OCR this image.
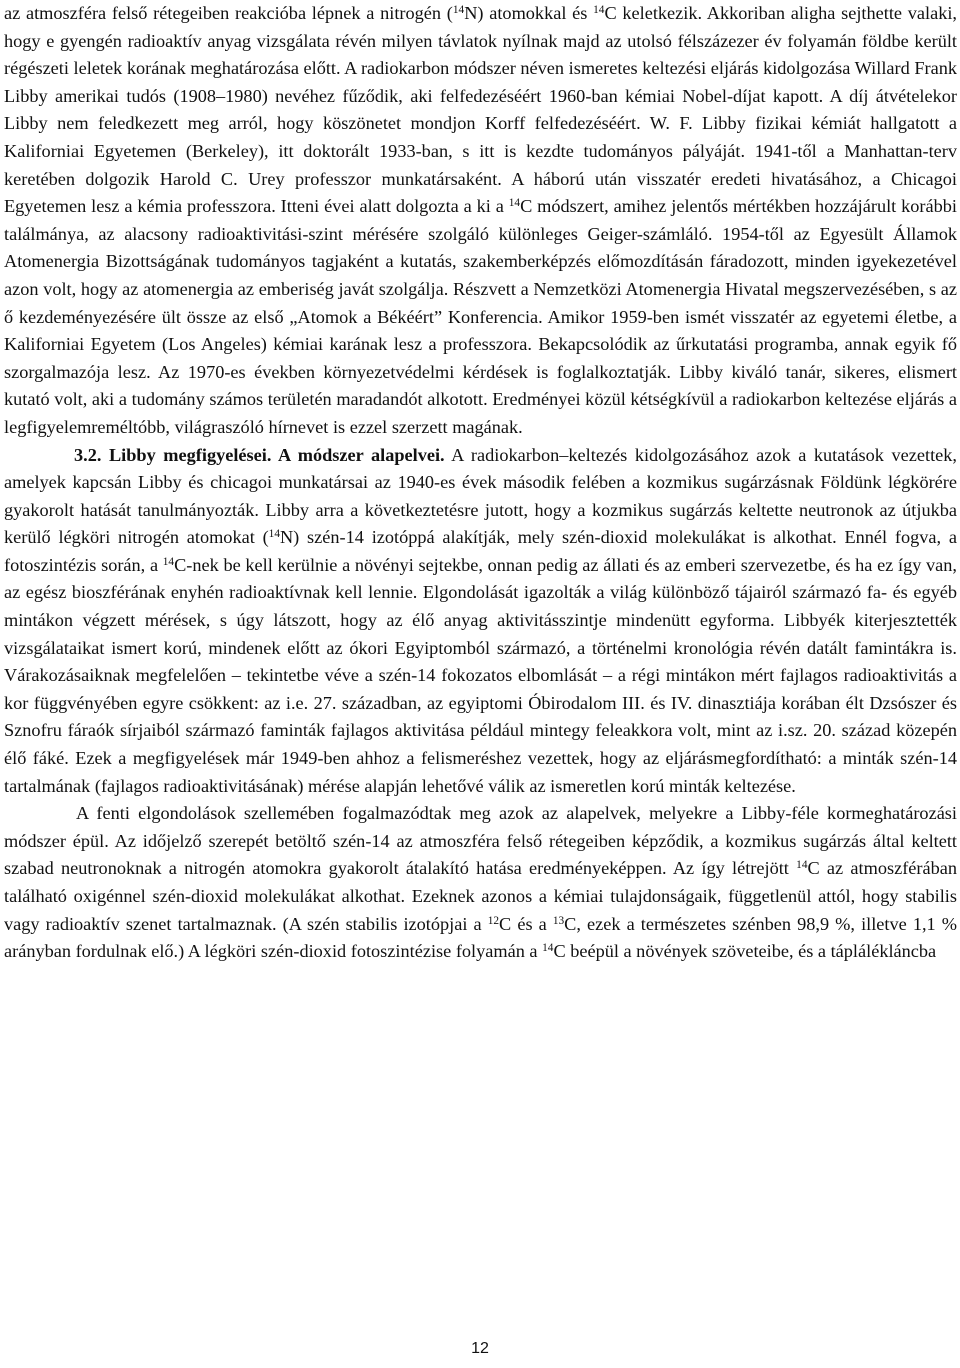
az atmoszféra felső rétegeiben reakcióba lépnek a nitrogén ($^{14}$N) atomokkal és $^{14}$C keletkezik. Akkoriban aligha sejthette valaki, hogy e gyengén radioaktív anyag vizsgálata révén milyen távlatok nyílnak majd az utolsó félszázezer év folyamán földbe került régészeti leletek korának meghatározása előtt. A radiokarbon módszer néven ismeretes keltezési eljárás kidolgozása Willard Frank Libby amerikai tudós (1908–1980) nevéhez fűződik, aki felfedezéséért 1960-ban kémiai Nobel-díjat kapott. A díj átvételekor Libby nem feledkezett meg arról, hogy köszönetet mondjon Korff felfedezéséért. W. F. Libby fizikai kémiát hallgatott a Kaliforniai Egyetemen (Berkeley), itt doktorált 1933-ban, s itt is kezdte tudományos pályáját. 1941-től a Manhattan-terv keretében dolgozik Harold C. Urey professzor munkatársaként. A háború után visszatér eredeti hivatásához, a Chicagoi Egyetemen lesz a kémia professzora. Itteni évei alatt dolgozta a ki a $^{14}$C módszert, amihez jelentős mértékben hozzájárult korábbi találmánya, az alacsony radioaktivitási-szint mérésére szolgáló különleges Geiger-számláló. 1954-től az Egyesült Államok Atomenergia Bizottságának tudományos tagjaként a kutatás, szakemberképzés előmozdításán fáradozott, minden igyekezetével azon volt, hogy az atomenergia az emberiség javát szolgálja. Részvett a Nemzetközi Atomenergia Hivatal megszervezésében, s az ő kezdeményezésére ült össze az első „Atomok a Békéért” Konferencia. Amikor 1959-ben ismét visszatér az egyetemi életbe, a Kaliforniai Egyetem (Los Angeles) kémiai karának lesz a professzora. Bekapcsolódik az űrkutatási programba, annak egyik fő szorgalmazója lesz. Az 1970-es években környezetvédelmi kérdések is foglalkoztatják. Libby kiváló tanár, sikeres, elismert kutató volt, aki a tudomány számos területén maradandót alkotott. Eredményei közül kétségkívül a radiokarbon keltezése eljárás a legfigyelemreméltóbb, világraszóló hírnevet is ezzel szerzett magának.

3.2. Libby megfigyelései. A módszer alapelvei. A radiokarbon–keltezés kidolgozásához azok a kutatások vezettek, amelyek kapcsán Libby és chicagoi munkatársai az 1940-es évek második felében a kozmikus sugárzásnak Földünk légkörére gyakorolt hatását tanulmányozták. Libby arra a következtetésre jutott, hogy a kozmikus sugárzás keltette neutronok az útjukba kerülő légköri nitrogén atomokat ($^{14}$N) szén-14 izotóppá alakítják, mely szén-dioxid molekulákat is alkothat. Ennél fogva, a fotoszintézis során, a $^{14}$C-nek be kell kerülnie a növényi sejtekbe, onnan pedig az állati és az emberi szervezetbe, és ha ez így van, az egész bioszférának enyhén radioaktívnak kell lennie. Elgondolását igazolták a világ különböző tájairól származó fa- és egyéb mintákon végzett mérések, s úgy látszott, hogy az élő anyag aktivitásszintje mindenütt egyforma. Libbyék kiterjesztették vizsgálataikat ismert korú, mindenek előtt az ókori Egyiptomból származó, a történelmi kronológia révén datált famintákra is. Várakozásaiknak megfelelően – tekintetbe véve a szén-14 fokozatos elbomlását – a régi mintákon mért fajlagos radioaktivitás a kor függvényében egyre csökkent: az i.e. 27. században, az egyiptomi Óbirodalom III. és IV. dinasztiája korában élt Dzsószer és Sznofru fáraók sírjaiból származó faminták fajlagos aktivitása például mintegy feleakkora volt, mint az i.sz. 20. század közepén élő fáké. Ezek a megfigyelések már 1949-ben ahhoz a felismeréshez vezettek, hogy az eljárásmegfordítható: a minták szén-14 tartalmának (fajlagos radioaktivitásának) mérése alapján lehetővé válik az ismeretlen korú minták keltezése.

A fenti elgondolások szellemében fogalmazódtak meg azok az alapelvek, melyekre a Libby-féle kormeghatározási módszer épül. Az időjelző szerepét betöltő szén-14 az atmoszféra felső rétegeiben képződik, a kozmikus sugárzás által keltett szabad neutronoknak a nitrogén atomokra gyakorolt átalakító hatása eredményeképpen. Az így létrejött $^{14}$C az atmoszférában található oxigénnel szén-dioxid molekulákat alkothat. Ezeknek azonos a kémiai tulajdonságaik, függetlenül attól, hogy stabilis vagy radioaktív szenet tartalmaznak. (A szén stabilis izotópjai a $^{12}$C és a $^{13}$C, ezek a természetes szénben 98,9 %, illetve 1,1 % arányban fordulnak elő.) A légköri szén-dioxid fotoszintézise folyamán a $^{14}$C beépül a növények szöveteibe, és a táplálékláncba

12
